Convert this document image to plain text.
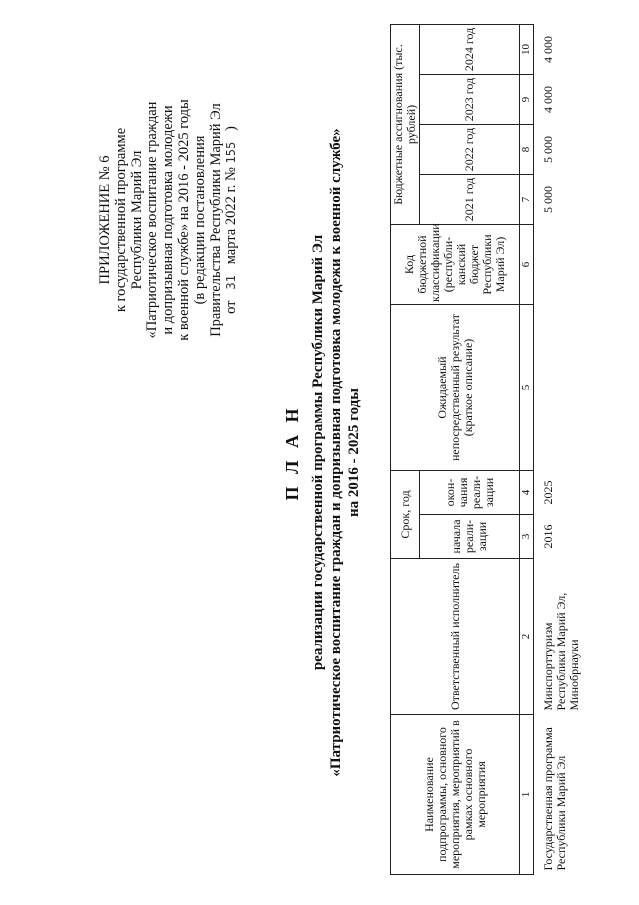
ПРИЛОЖЕНИЕ № 6 к государственной программе Республики Марий Эл «Патриотическое воспитание граждан и допризывная подготовка молодежи к военной службе» на 2016 - 2025 годы (в редакции постановления Правительства Республики Марий Эл от   31   марта 2022 г. № 155   )
П Л А Н реализации государственной программы Республики Марий Эл «Патриотическое воспитание граждан и допризывная подготовка молодежи к военной службе» на 2016 - 2025 годы
Наименование подпрограммы, основного мероприятия, мероприятий в рамках основного мероприятия	Ответственный исполнитель	Срок, год		Ожидаемый непосредственный результат (краткое описание)	Код бюджетной классификации (республи- канский бюджет Республики Марий Эл)	Бюджетные ассигнования (тыс. рублей)			
		начала реали- зации	окон- чания реали- зации			2021 год	2022 год	2023 год	2024 год

1	2	3	4	5	6	7	8	9	10
Государственная программа Республики Марий Эл	Минспорттуризм Республики Марий Эл, Минобрнауки	2016	2025			5 000	5 000	4 000	4 000
